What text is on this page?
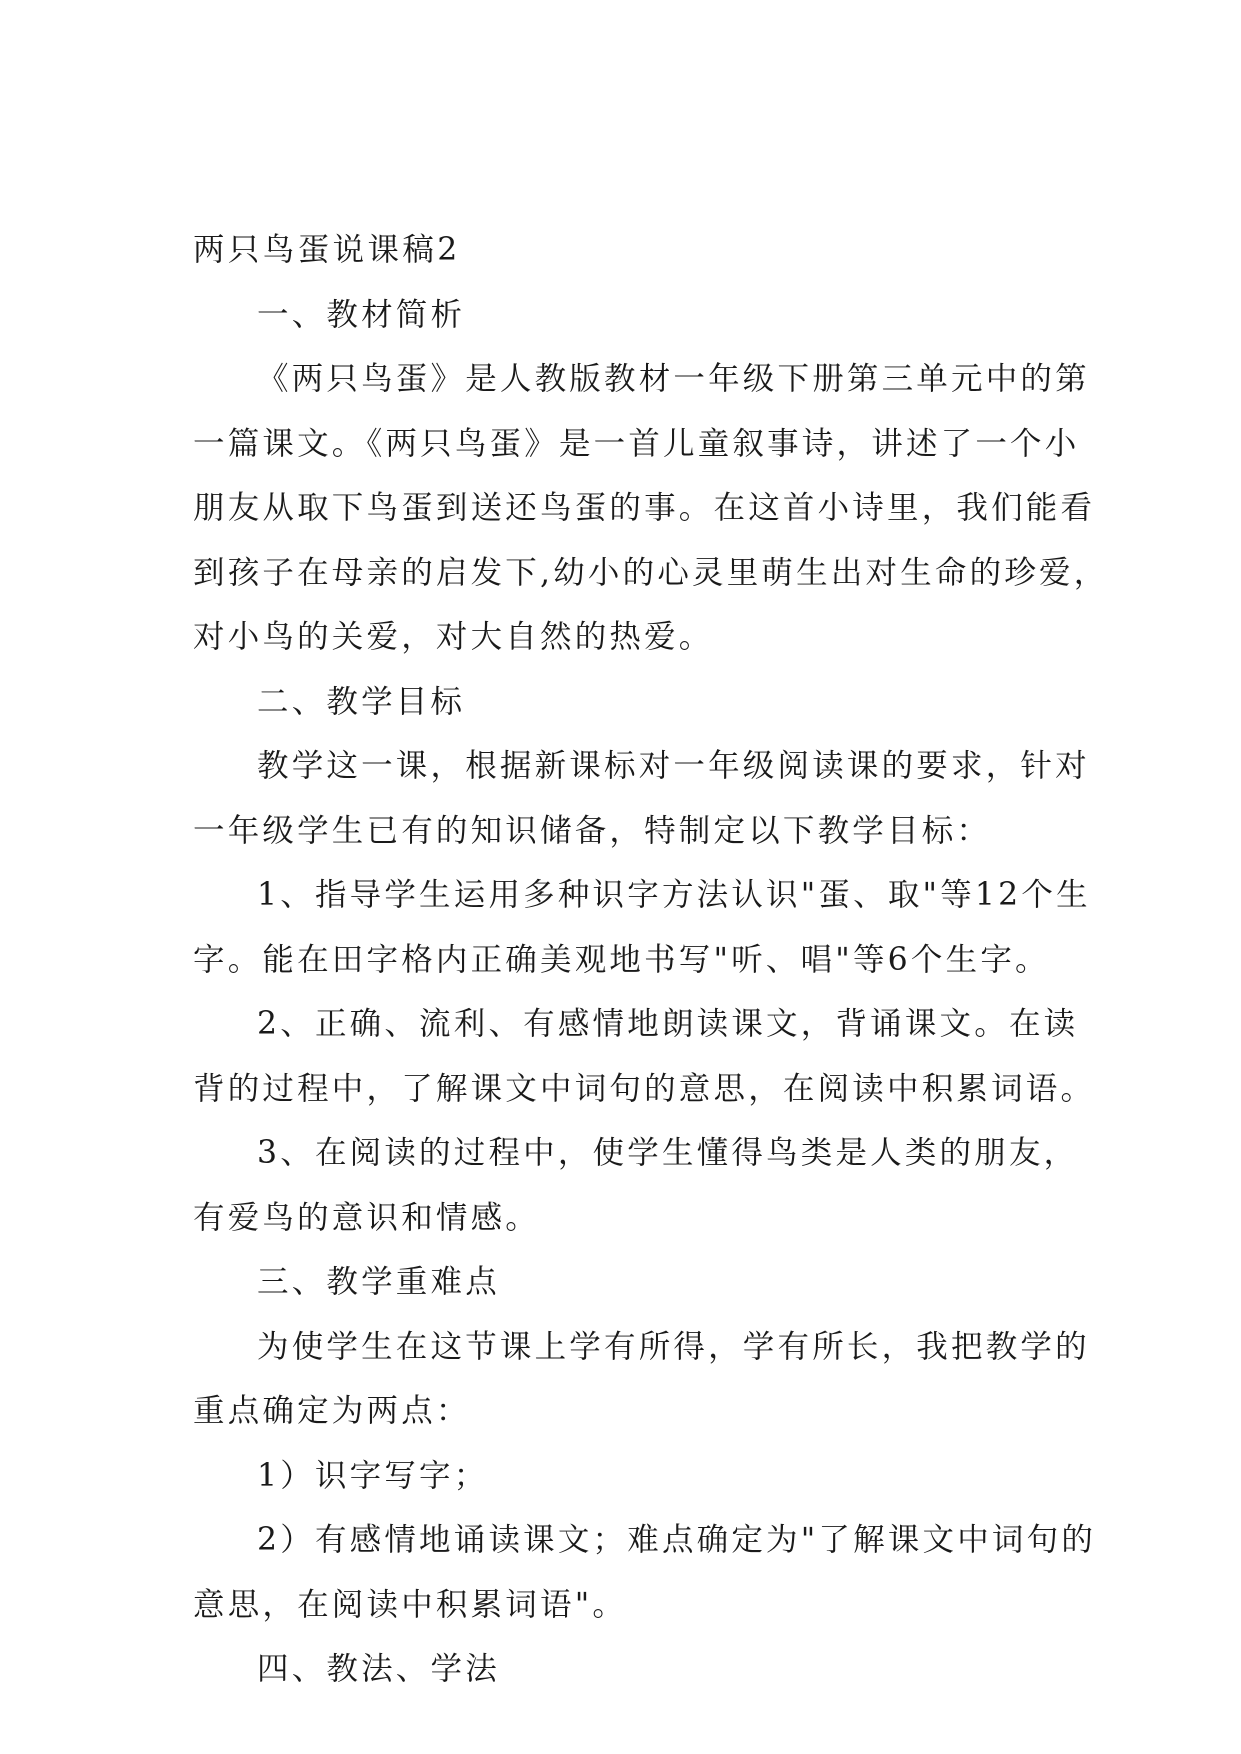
两只鸟蛋说课稿2
一、教材简析
《两只鸟蛋》是人教版教材一年级下册第三单元中的第
一篇课文。《两只鸟蛋》是一首儿童叙事诗，讲述了一个小
朋友从取下鸟蛋到送还鸟蛋的事。在这首小诗里，我们能看
到孩子在母亲的启发下,幼小的心灵里萌生出对生命的珍爱，
对小鸟的关爱，对大自然的热爱。
二、教学目标
教学这一课，根据新课标对一年级阅读课的要求，针对
一年级学生已有的知识储备，特制定以下教学目标：
1、指导学生运用多种识字方法认识"蛋、取"等12个生
字。能在田字格内正确美观地书写"听、唱"等6个生字。
2、正确、流利、有感情地朗读课文，背诵课文。在读
背的过程中，了解课文中词句的意思，在阅读中积累词语。
3、在阅读的过程中，使学生懂得鸟类是人类的朋友，
有爱鸟的意识和情感。
三、教学重难点
为使学生在这节课上学有所得，学有所长，我把教学的
重点确定为两点：
1）识字写字；
2）有感情地诵读课文；难点确定为"了解课文中词句的
意思，在阅读中积累词语"。
四、教法、学法
